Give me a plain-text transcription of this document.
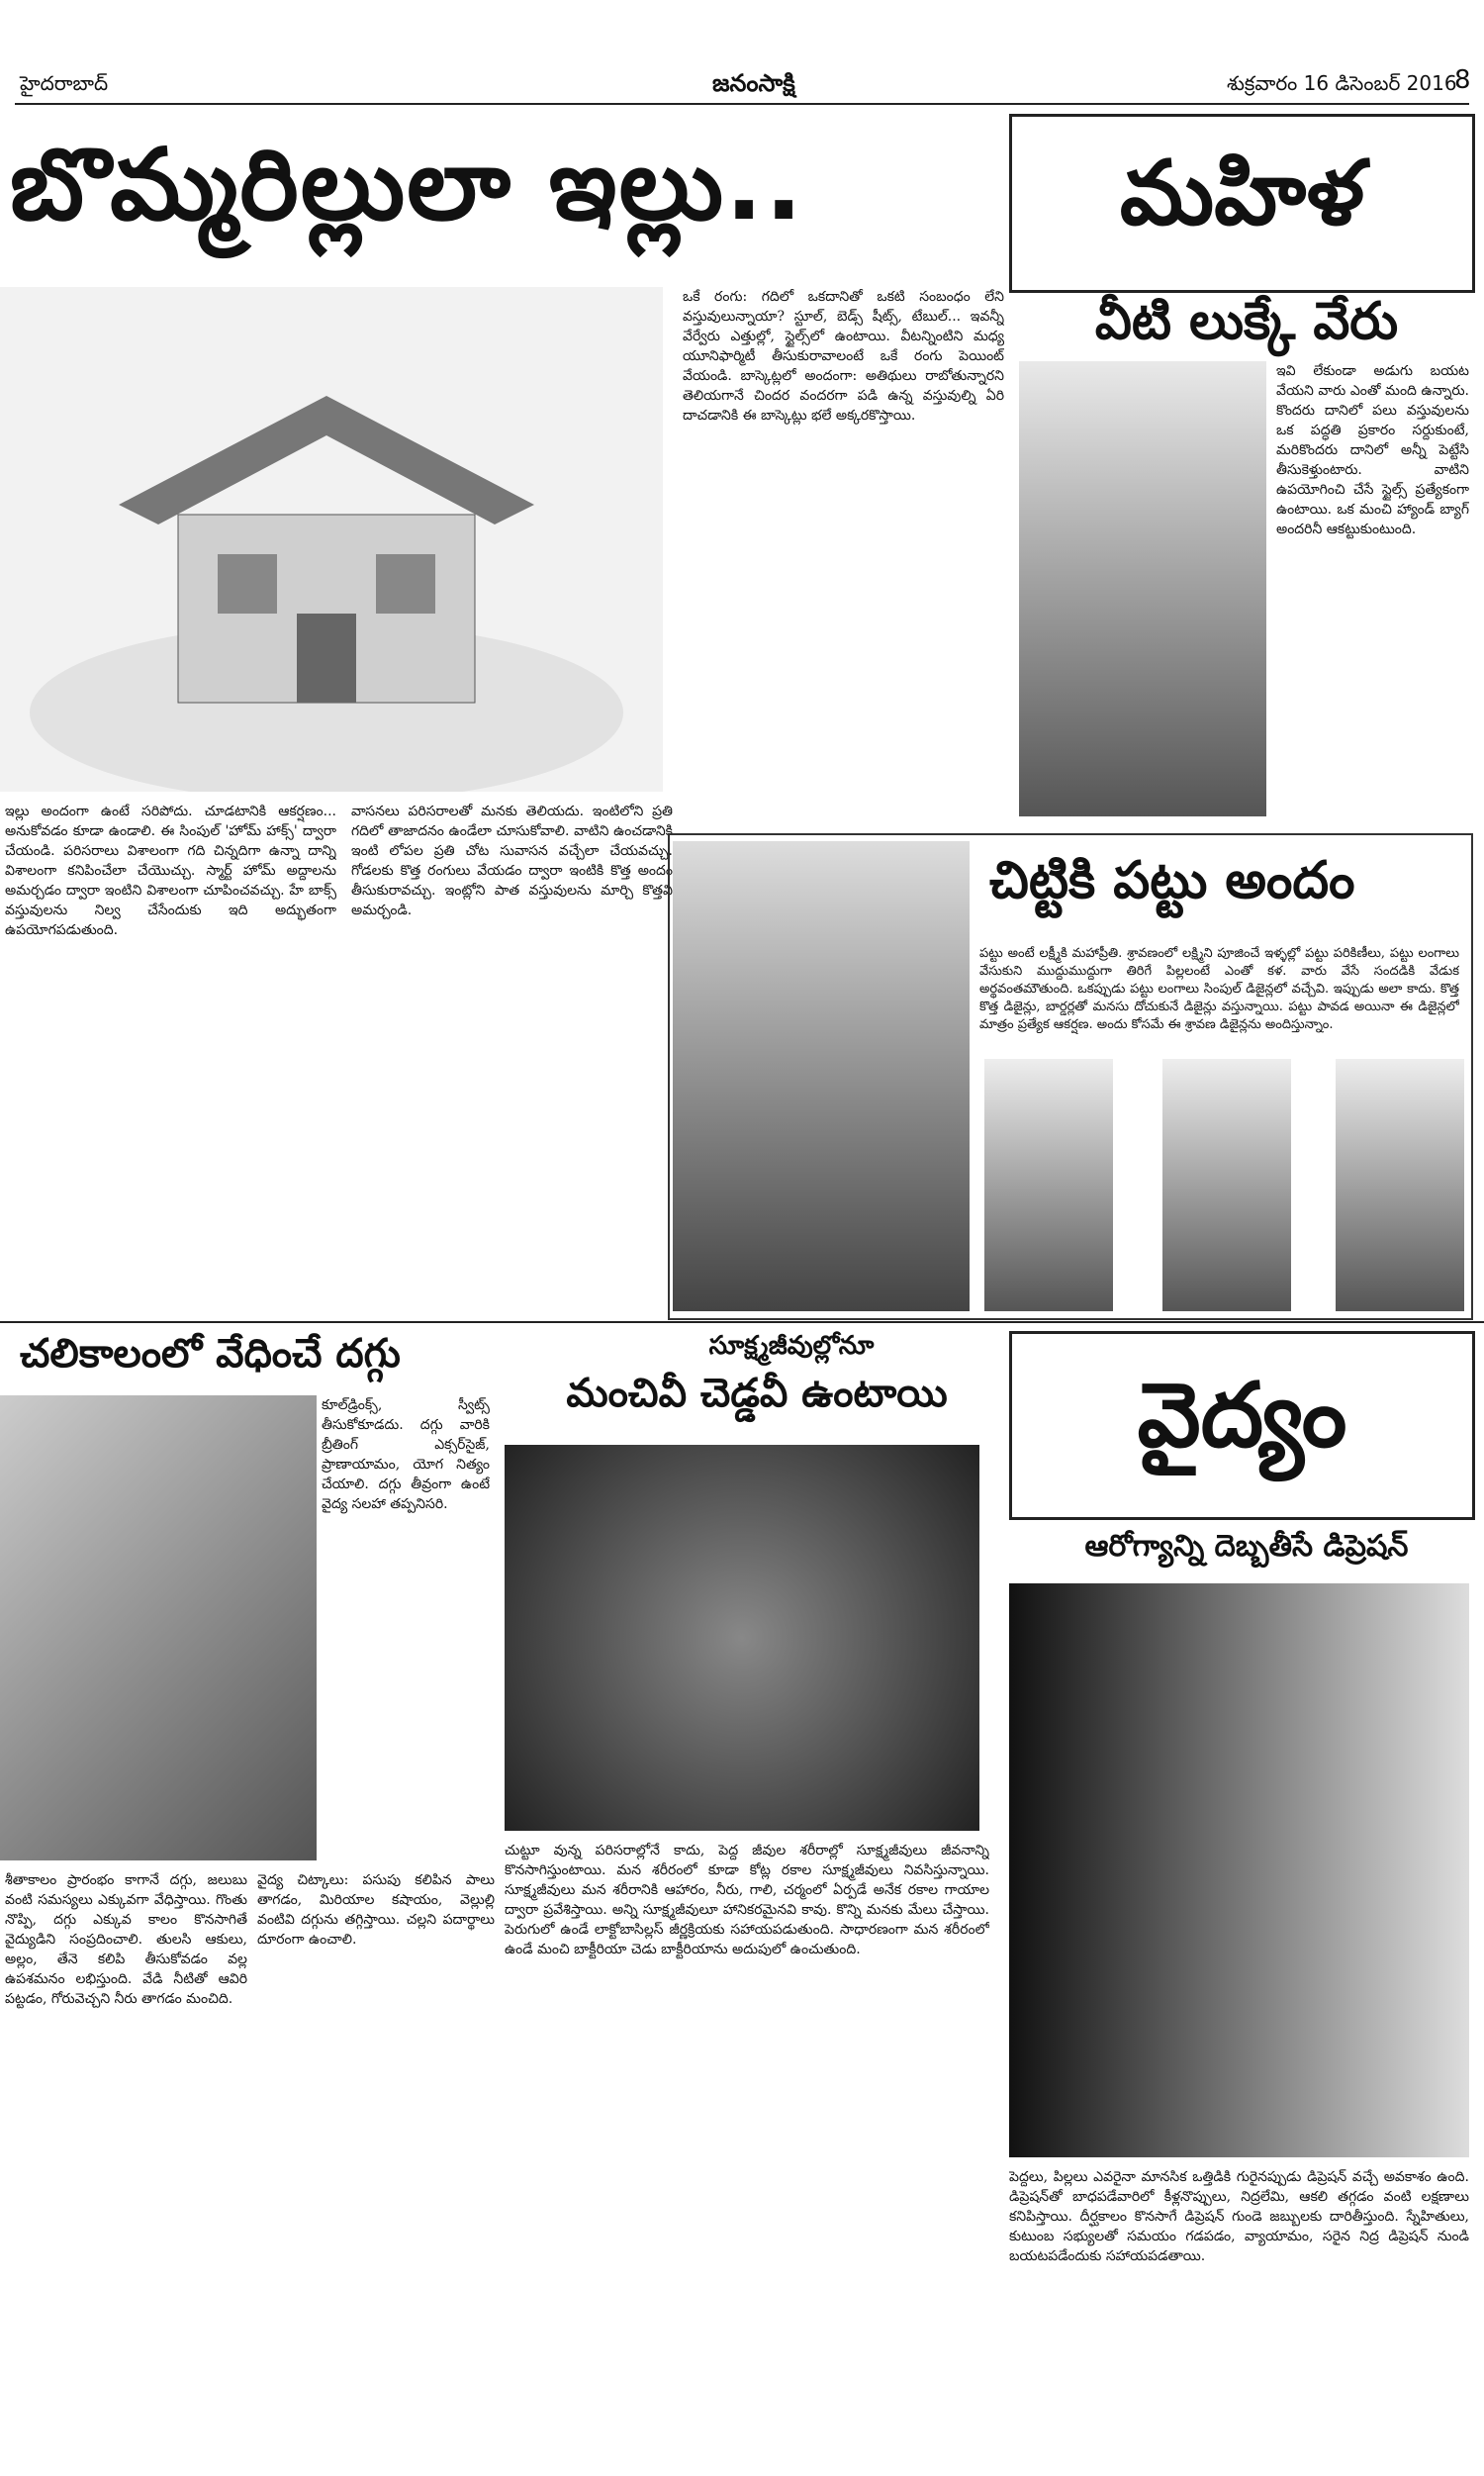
హైదరాబాద్	జనంసాక్షి	శుక్రవారం 16 డిసెంబర్ 2016
8
బొమ్మరిల్లులా ఇల్లు..
ఇల్లు అందంగా ఉంటే సరిపోదు. చూడటానికి ఆకర్షణం... అనుకోవడం కూడా ఉండాలి. ఈ సింపుల్ 'హోమ్ హాక్స్' ద్వారా చేయండి. పరిసరాలు విశాలంగా గది చిన్నదిగా ఉన్నా దాన్ని విశాలంగా కనిపించేలా చేయొచ్చు. స్మార్ట్ హోమ్ అద్దాలను అమర్చడం ద్వారా ఇంటిని విశాలంగా చూపించవచ్చు. హే బాక్స్ వస్తువులను నిల్వ చేసేందుకు ఇది అద్భుతంగా ఉపయోగపడుతుంది.
వాసనలు పరిసరాలతో మనకు తెలియదు. ఇంటిలోని ప్రతి గదిలో తాజాదనం ఉండేలా చూసుకోవాలి. వాటిని ఉంచడానికి ఇంటి లోపల ప్రతి చోట సువాసన వచ్చేలా చేయవచ్చు. గోడలకు కొత్త రంగులు వేయడం ద్వారా ఇంటికి కొత్త అందం తీసుకురావచ్చు. ఇంట్లోని పాత వస్తువులను మార్చి కొత్తవి అమర్చండి.
ఒకే రంగు: గదిలో ఒకదానితో ఒకటి సంబంధం లేని వస్తువులున్నాయా? స్టూల్, బెడ్స్ షీట్స్, టేబుల్... ఇవన్నీ వేర్వేరు ఎత్తుల్లో, స్టైల్స్‌లో ఉంటాయి. వీటన్నింటిని మధ్య యూనిఫార్మిటీ తీసుకురావాలంటే ఒకే రంగు పెయింట్ వేయండి. బాస్కెట్లలో అందంగా: అతిథులు రాబోతున్నారని తెలియగానే చిందర వందరగా పడి ఉన్న వస్తువుల్ని ఏరి దాచడానికి ఈ బాస్కెట్లు భలే అక్కరకొస్తాయి.
మహిళ
వీటి లుక్కే వేరు
ఇవి లేకుండా అడుగు బయట వేయని వారు ఎంతో మంది ఉన్నారు. కొందరు దానిలో పలు వస్తువులను ఒక పద్ధతి ప్రకారం సర్దుకుంటే, మరికొందరు దానిలో అన్నీ పెట్టేసి తీసుకెళ్తుంటారు. వాటిని ఉపయోగించి చేసే స్టైల్స్ ప్రత్యేకంగా ఉంటాయి. ఒక మంచి హ్యాండ్ బ్యాగ్ అందరినీ ఆకట్టుకుంటుంది.
చిట్టికి పట్టు అందం
పట్టు అంటే లక్ష్మీకి మహాప్రీతి. శ్రావణంలో లక్ష్మిని పూజించే ఇళ్ళల్లో పట్టు పరికిణీలు, పట్టు లంగాలు వేసుకుని ముద్దుముద్దుగా తిరిగే పిల్లలంటే ఎంతో కళ. వారు వేసే సందడికి వేడుక అర్థవంతమౌతుంది. ఒకప్పుడు పట్టు లంగాలు సింపుల్ డిజైన్లలో వచ్చేవి. ఇప్పుడు అలా కాదు. కొత్త కొత్త డిజైన్లు, బార్డర్లతో మనసు దోచుకునే డిజైన్లు వస్తున్నాయి. పట్టు పావడ అయినా ఈ డిజైన్లలో మాత్రం ప్రత్యేక ఆకర్షణ. అందు కోసమే ఈ శ్రావణ డిజైన్లను అందిస్తున్నాం.
చలికాలంలో వేధించే దగ్గు
కూల్‌డ్రింక్స్, స్వీట్స్ తీసుకోకూడదు. దగ్గు వారికి బ్రీతింగ్ ఎక్సర్‌సైజ్, ప్రాణాయామం, యోగ నిత్యం చేయాలి. దగ్గు తీవ్రంగా ఉంటే వైద్య సలహా తప్పనిసరి.
శీతాకాలం ప్రారంభం కాగానే దగ్గు, జలుబు వంటి సమస్యలు ఎక్కువగా వేధిస్తాయి. గొంతు నొప్పి, దగ్గు ఎక్కువ కాలం కొనసాగితే వైద్యుడిని సంప్రదించాలి. తులసి ఆకులు, అల్లం, తేనె కలిపి తీసుకోవడం వల్ల ఉపశమనం లభిస్తుంది. వేడి నీటితో ఆవిరి పట్టడం, గోరువెచ్చని నీరు తాగడం మంచిది.
వైద్య చిట్కాలు: పసుపు కలిపిన పాలు తాగడం, మిరియాల కషాయం, వెల్లుల్లి వంటివి దగ్గును తగ్గిస్తాయి. చల్లని పదార్థాలు దూరంగా ఉంచాలి.
సూక్ష్మజీవుల్లోనూ
మంచివీ చెడ్డవీ ఉంటాయి
చుట్టూ వున్న పరిసరాల్లోనే కాదు, పెద్ద జీవుల శరీరాల్లో సూక్ష్మజీవులు జీవనాన్ని కొనసాగిస్తుంటాయి. మన శరీరంలో కూడా కోట్ల రకాల సూక్ష్మజీవులు నివసిస్తున్నాయి. సూక్ష్మజీవులు మన శరీరానికి ఆహారం, నీరు, గాలి, చర్మంలో ఏర్పడే అనేక రకాల గాయాల ద్వారా ప్రవేశిస్తాయి. అన్ని సూక్ష్మజీవులూ హానికరమైనవి కావు. కొన్ని మనకు మేలు చేస్తాయి. పెరుగులో ఉండే లాక్టోబాసిల్లస్ జీర్ణక్రియకు సహాయపడుతుంది. సాధారణంగా మన శరీరంలో ఉండే మంచి బాక్టీరియా చెడు బాక్టీరియాను అదుపులో ఉంచుతుంది.
వైద్యం
ఆరోగ్యాన్ని దెబ్బతీసే డిప్రెషన్
పెద్దలు, పిల్లలు ఎవరైనా మానసిక ఒత్తిడికి గురైనప్పుడు డిప్రెషన్ వచ్చే అవకాశం ఉంది. డిప్రెషన్‌తో బాధపడేవారిలో కీళ్లనొప్పులు, నిద్రలేమి, ఆకలి తగ్గడం వంటి లక్షణాలు కనిపిస్తాయి. దీర్ఘకాలం కొనసాగే డిప్రెషన్ గుండె జబ్బులకు దారితీస్తుంది. స్నేహితులు, కుటుంబ సభ్యులతో సమయం గడపడం, వ్యాయామం, సరైన నిద్ర డిప్రెషన్ నుండి బయటపడేందుకు సహాయపడతాయి.
